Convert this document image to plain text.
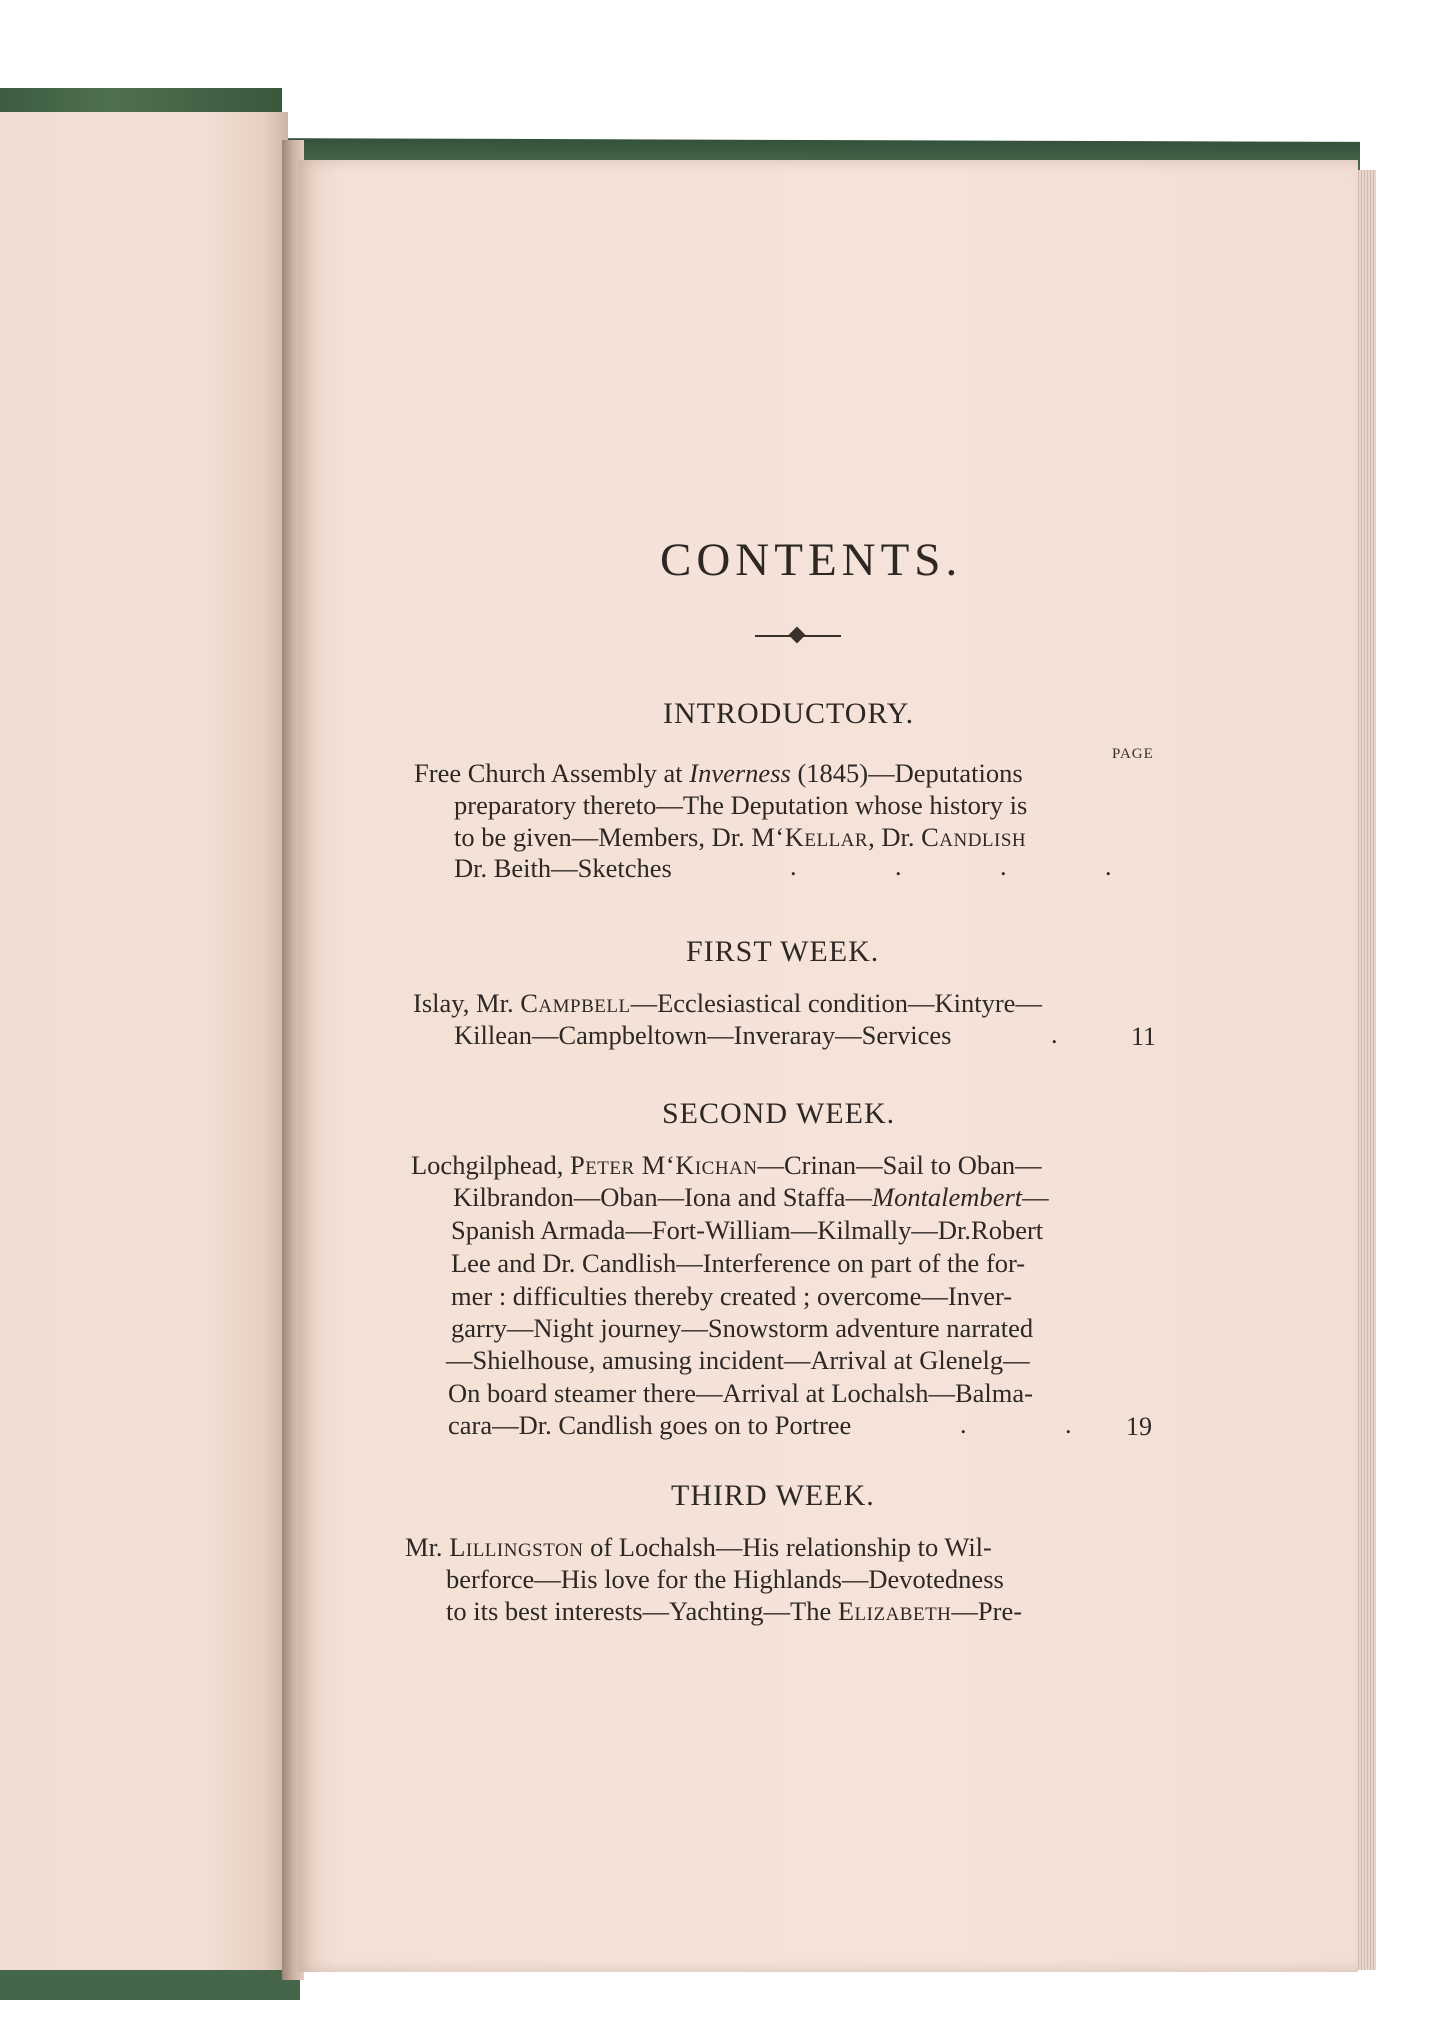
CONTENTS.
INTRODUCTORY.
PAGE
Free Church Assembly at Inverness (1845)—Deputations
preparatory thereto—The Deputation whose history is
to be given—Members, Dr. M‘Kellar, Dr. Candlish
Dr. Beith—Sketches	. . . .
FIRST WEEK.
Islay, Mr. Campbell—Ecclesiastical condition—Kintyre—
Killean—Campbeltown—Inveraray—Services	. 11
SECOND WEEK.
Lochgilphead, Peter M‘Kichan—Crinan—Sail to Oban—
Kilbrandon—Oban—Iona and Staffa—Montalembert—
Spanish Armada—Fort-William—Kilmally—Dr.Robert
Lee and Dr. Candlish—Interference on part of the for-
mer : difficulties thereby created ; overcome—Inver-
garry—Night journey—Snowstorm adventure narrated
—Shielhouse, amusing incident—Arrival at Glenelg—
On board steamer there—Arrival at Lochalsh—Balma-
cara—Dr. Candlish goes on to Portree	. . 19
THIRD WEEK.
Mr. Lillingston of Lochalsh—His relationship to Wil-
berforce—His love for the Highlands—Devotedness
to its best interests—Yachting—The Elizabeth—Pre-
